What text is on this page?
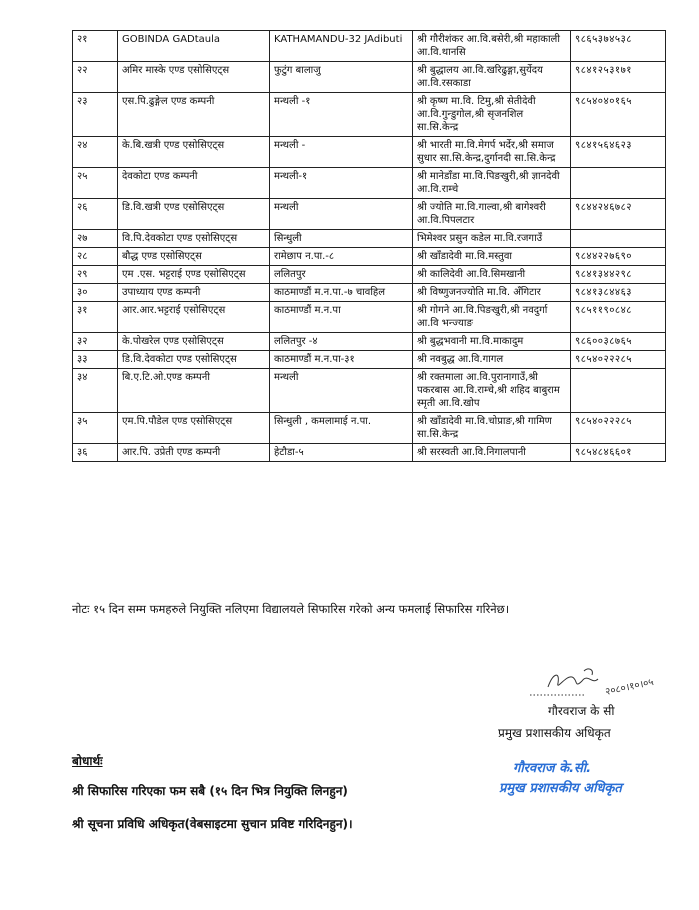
२१	GOBINDA GADtaula	KATHAMANDU-32 JAdibuti	श्री गौरीशंकर आ.वि.बसेरी,श्री महाकाली आ.वि.थानसि	९८६५३७४५३८
२२	अमिर मास्के एण्ड एसोसिएट्स	फुटुंग बालाजु	श्री बुद्धालय आ.वि.खरिढुङ्गा,सुर्येदय आ.वि.रसकाडा	९८४१२५३१७१
२३	एस.पि.ढुङ्गेल एण्ड कम्पनी	मन्थली -१	श्री कृष्ण मा.वि. टिमु,श्री सेतीदेवी आ.वि.गुन्डुगोल,श्री सृजनशिल सा.सि.केन्द्र	९८५४०४०१६५
२४	के.बि.खत्री एण्ड एसोसिएट्स	मन्थली -	श्री भारती मा.वि.मेगर्प भर्देर,श्री समाज सुधार सा.सि.केन्द्र,दुर्गानदी सा.सि.केन्द्र	९८४१५६४६२३
२५	देवकोटा एण्ड कम्पनी	मन्थली-१	श्री मानेडाँडा मा.वि.पिङखुरी,श्री ज्ञानदेवी आ.वि.राम्चे	
२६	डि.वि.खत्री एण्ड एसोसिएट्स	मन्थली	श्री ज्योति मा.वि.गाल्वा,श्री बागेश्वरी आ.वि.पिपलटार	९८४४२४६७८२
२७	वि.पि.देवकोटा एण्ड एसोसिएट्स	सिन्धुली	भिमेश्वर प्रसुन कडेल मा.वि.रजगाउँ	
२८	बौद्ध एण्ड एसोसिएट्स	रामेछाप न.पा.-८	श्री खाँडादेवी मा.वि.मस्तुवा	९८४४२२७६९०
२९	एम .एस. भट्टराई एण्ड एसोसिएट्स	ललितपुर	श्री कालिदेवी आ.वि.सिमखानी	९८४१३४४२९८
३०	उपाध्याय एण्ड कम्पनी	काठमाण्डौं म.न.पा.-७ चावहिल	श्री विष्णुजनज्योति मा.वि. अँगिटार	९८४१३८४४६३
३१	आर.आर.भट्टराई एसोसिएट्स	काठमाण्डौं म.न.पा	श्री गोगने आ.वि.पिङखुरी,श्री नवदुर्गा आ.वि भन्ज्याङ	९८५११९०८४८
३२	के.पोखरेल एण्ड एसोसिएट्स	ललितपुर -४	श्री बुद्धभवानी मा.वि.माकादुम	९८६००३८७६५
३३	डि.वि.देवकोटा एण्ड एसोसिएट्स	काठमाण्डौं म.न.पा-३१	श्री नवबुद्ध आ.वि.गागल	९८५४०२२२८५
३४	बि.ए.टि.ओ.एण्ड कम्पनी	मन्थली	श्री रक्तमाला आ.वि.पुरानागाउँ,श्री पकरबास आ.वि.राम्चे,श्री शहिद बाबुराम स्मृती आ.वि.खोप	
३५	एम.पि.पौडेल एण्ड एसोसिएट्स	सिन्धुली , कमलामाई न.पा.	श्री खाँडादेवी मा.वि.चोप्राङ,श्री गामिण सा.सि.केन्द्र	९८५४०२२२८५
३६	आर.पि. उप्रेती एण्ड कम्पनी	हेटौडा-५	श्री सरस्वती आ.वि.निगालपानी	९८५४८४६६०१
नोटः १५ दिन सम्म फमहरुले नियुक्ति नलिएमा विद्यालयले सिफारिस गरेको अन्य फमलाई सिफारिस गरिनेछ।
२०८०।१०।०५
गौरवराज के सी
प्रमुख प्रशासकीय अधिकृत
गौरवराज के.सी.
प्रमुख प्रशासकीय अधिकृत
बोधार्थः
श्री सिफारिस गरिएका फम सबै (१५ दिन भित्र नियुक्ति लिनहुन)
श्री सूचना प्रविधि अधिकृत(वेबसाइटमा सुचान प्रविष्ट गरिदिनहुन)।
